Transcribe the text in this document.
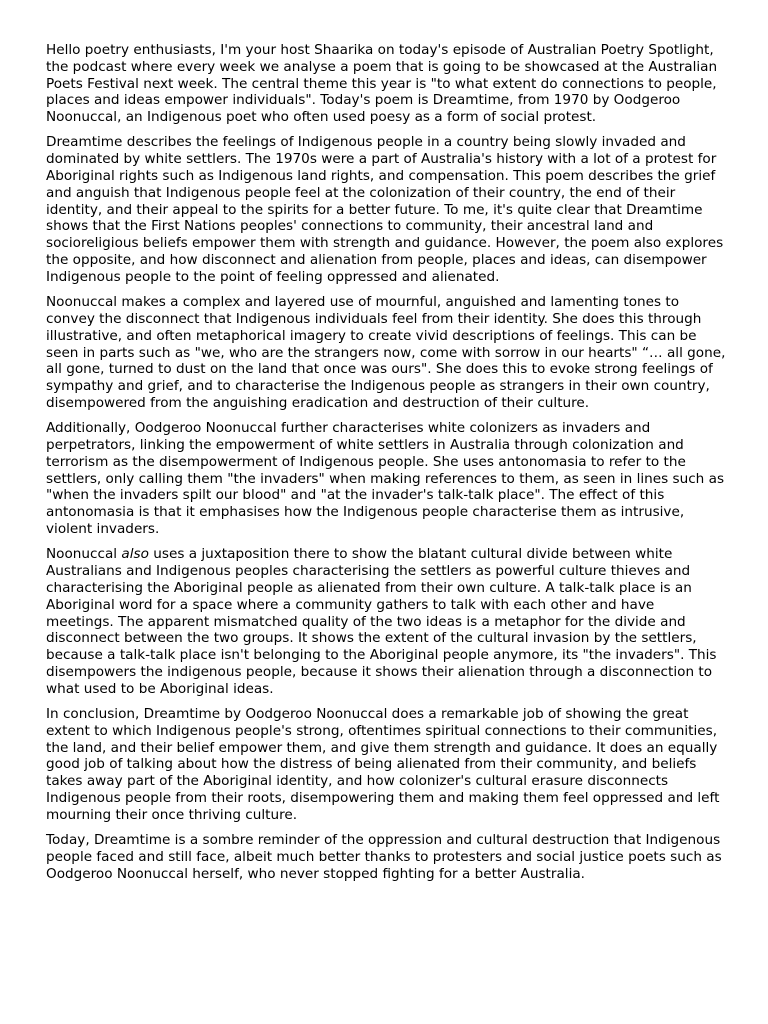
Hello poetry enthusiasts, I'm your host Shaarika on today's episode of Australian Poetry Spotlight, the podcast where every week we analyse a poem that is going to be showcased at the Australian Poets Festival next week. The central theme this year is "to what extent do connections to people, places and ideas empower individuals". Today's poem is Dreamtime, from 1970 by Oodgeroo Noonuccal, an Indigenous poet who often used poesy as a form of social protest.

Dreamtime describes the feelings of Indigenous people in a country being slowly invaded and dominated by white settlers. The 1970s were a part of Australia's history with a lot of a protest for Aboriginal rights such as Indigenous land rights, and compensation. This poem describes the grief and anguish that Indigenous people feel at the colonization of their country, the end of their identity, and their appeal to the spirits for a better future. To me, it's quite clear that Dreamtime shows that the First Nations peoples' connections to community, their ancestral land and socioreligious beliefs empower them with strength and guidance. However, the poem also explores the opposite, and how disconnect and alienation from people, places and ideas, can disempower Indigenous people to the point of feeling oppressed and alienated.

Noonuccal makes a complex and layered use of mournful, anguished and lamenting tones to convey the disconnect that Indigenous individuals feel from their identity. She does this through illustrative, and often metaphorical imagery to create vivid descriptions of feelings. This can be seen in parts such as "we, who are the strangers now, come with sorrow in our hearts" “… all gone, all gone, turned to dust on the land that once was ours". She does this to evoke strong feelings of sympathy and grief, and to characterise the Indigenous people as strangers in their own country, disempowered from the anguishing eradication and destruction of their culture.

Additionally, Oodgeroo Noonuccal further characterises white colonizers as invaders and perpetrators, linking the empowerment of white settlers in Australia through colonization and terrorism as the disempowerment of Indigenous people. She uses antonomasia to refer to the settlers, only calling them "the invaders" when making references to them, as seen in lines such as "when the invaders spilt our blood" and "at the invader's talk-talk place". The effect of this antonomasia is that it emphasises how the Indigenous people characterise them as intrusive, violent invaders.

Noonuccal also uses a juxtaposition there to show the blatant cultural divide between white Australians and Indigenous peoples characterising the settlers as powerful culture thieves and characterising the Aboriginal people as alienated from their own culture. A talk-talk place is an Aboriginal word for a space where a community gathers to talk with each other and have meetings. The apparent mismatched quality of the two ideas is a metaphor for the divide and disconnect between the two groups. It shows the extent of the cultural invasion by the settlers, because a talk-talk place isn't belonging to the Aboriginal people anymore, its "the invaders". This disempowers the indigenous people, because it shows their alienation through a disconnection to what used to be Aboriginal ideas.

In conclusion, Dreamtime by Oodgeroo Noonuccal does a remarkable job of showing the great extent to which Indigenous people's strong, oftentimes spiritual connections to their communities, the land, and their belief empower them, and give them strength and guidance. It does an equally good job of talking about how the distress of being alienated from their community, and beliefs takes away part of the Aboriginal identity, and how colonizer's cultural erasure disconnects Indigenous people from their roots, disempowering them and making them feel oppressed and left mourning their once thriving culture.

Today, Dreamtime is a sombre reminder of the oppression and cultural destruction that Indigenous people faced and still face, albeit much better thanks to protesters and social justice poets such as Oodgeroo Noonuccal herself, who never stopped fighting for a better Australia.
